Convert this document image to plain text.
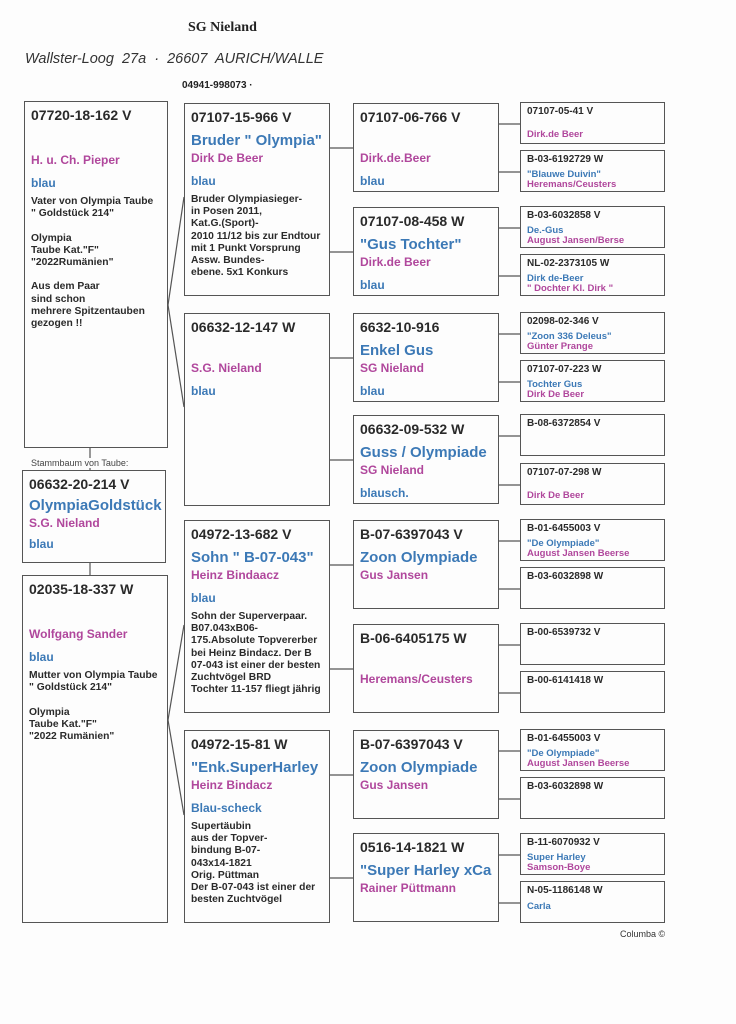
SG Nieland
Wallster-Loog  27a  ·  26607  AURICH/WALLE
04941-998073 ·
Stammbaum von Taube:
Columba ©
07720-18-162 V
H. u. Ch. Pieper
blau
Vater von Olympia Taube
" Goldstück 214"

Olympia
Taube Kat."F"
"2022Rumänien"

Aus dem Paar
sind schon
mehrere Spitzentauben
gezogen !!
06632-20-214 V
OlympiaGoldstück
S.G. Nieland
blau
02035-18-337 W
Wolfgang Sander
blau
Mutter von Olympia Taube
" Goldstück 214"

Olympia
Taube Kat."F"
"2022 Rumänien"
07107-15-966 V
Bruder " Olympia"
Dirk De Beer
blau
Bruder Olympiasieger-
in Posen 2011,
Kat.G.(Sport)-
2010 11/12 bis zur Endtour
mit 1 Punkt Vorsprung
Assw. Bundes-
ebene. 5x1 Konkurs
06632-12-147 W
S.G. Nieland
blau
04972-13-682 V
Sohn " B-07-043"
Heinz Bindaacz
blau
Sohn der Superverpaar.
B07.043xB06-
175.Absolute Topvererber
bei Heinz Bindacz. Der B
07-043 ist einer der besten
Zuchtvögel BRD
Tochter 11-157 fliegt jährig
04972-15-81 W
"Enk.SuperHarley
Heinz Bindacz
Blau-scheck
Supertäubin
aus der Topver-
bindung B-07-
043x14-1821
Orig. Püttman
Der B-07-043 ist einer der
besten Zuchtvögel
07107-06-766 V
Dirk.de.Beer
blau
07107-08-458 W
"Gus Tochter"
Dirk.de Beer
blau
6632-10-916
Enkel Gus
SG Nieland
blau
06632-09-532 W
Guss / Olympiade
SG Nieland
blausch.
B-07-6397043 V
Zoon Olympiade
Gus Jansen
B-06-6405175 W
Heremans/Ceusters
B-07-6397043 V
Zoon Olympiade
Gus Jansen
0516-14-1821 W
"Super Harley xCa
Rainer Püttmann
07107-05-41 V
Dirk.de Beer
B-03-6192729 W
"Blauwe Duivin"
Heremans/Ceusters
B-03-6032858 V
De.-Gus
August Jansen/Berse
NL-02-2373105 W
Dirk de-Beer
" Dochter Kl. Dirk "
02098-02-346 V
"Zoon 336 Deleus"
Günter Prange
07107-07-223 W
Tochter Gus
Dirk De Beer
B-08-6372854 V
07107-07-298 W
Dirk De Beer
B-01-6455003 V
"De Olympiade"
August Jansen Beerse
B-03-6032898 W
B-00-6539732 V
B-00-6141418 W
B-01-6455003 V
"De Olympiade"
August Jansen Beerse
B-03-6032898 W
B-11-6070932 V
Super Harley
Samson-Boye
N-05-1186148 W
Carla
